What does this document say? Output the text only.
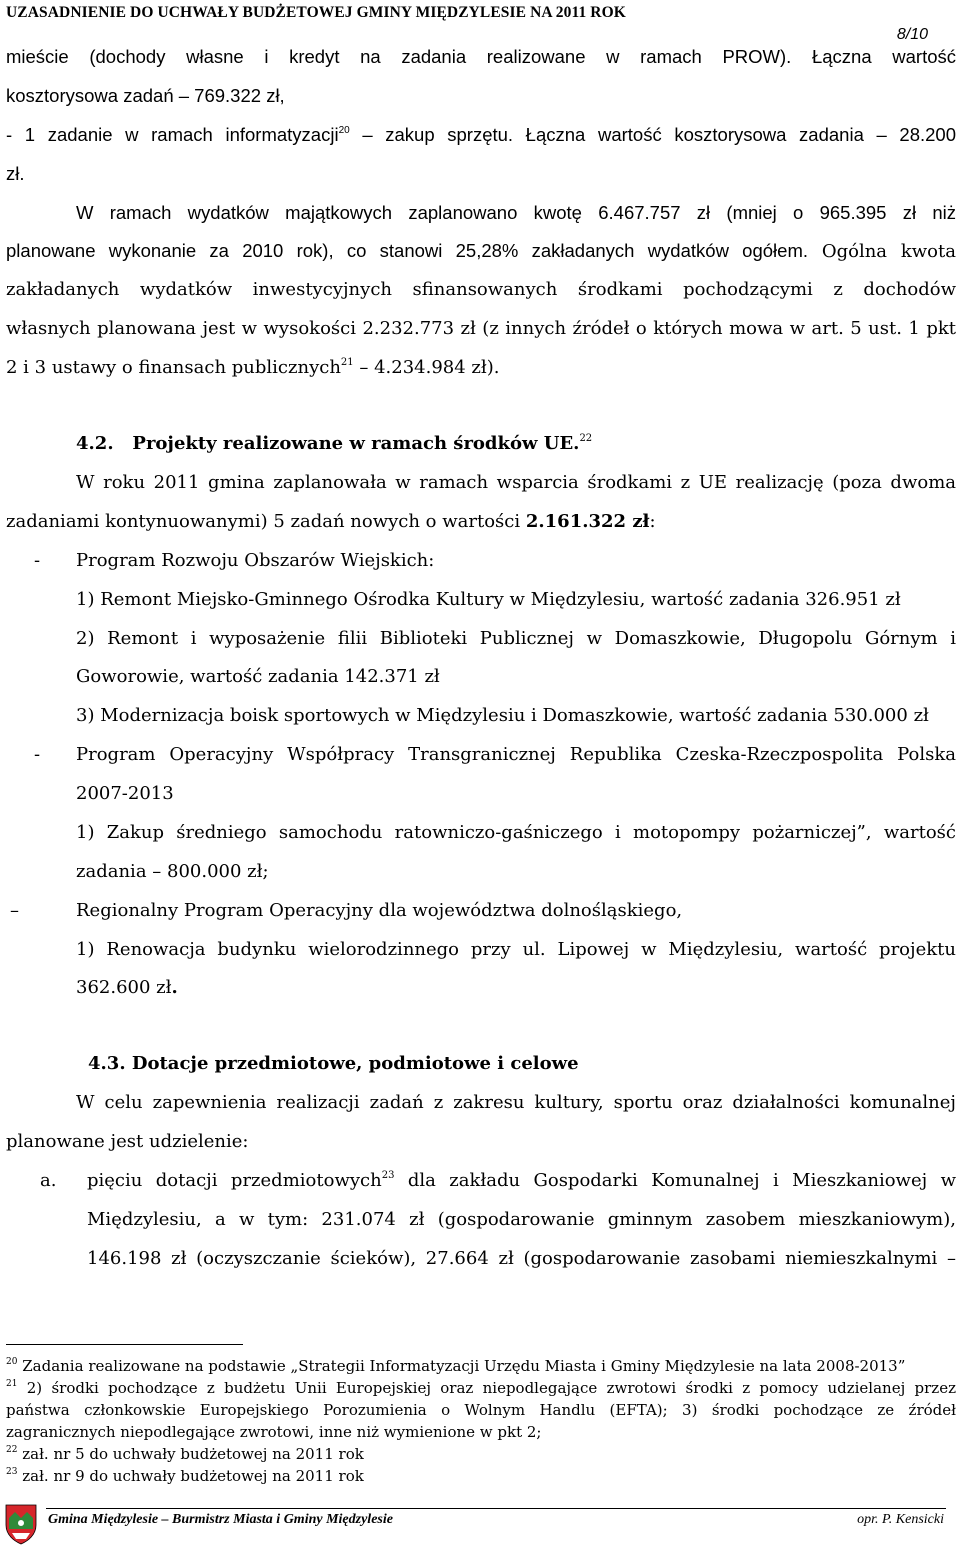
UZASADNIENIE DO UCHWAŁY BUDŻETOWEJ GMINY MIĘDZYLESIE NA 2011 ROK
8/10
mieście (dochody własne i kredyt na zadania realizowane w ramach PROW). Łączna wartość
kosztorysowa zadań – 769.322 zł,
- 1 zadanie w ramach informatyzacji$^{20}$ – zakup sprzętu. Łączna wartość kosztorysowa zadania – 28.200
zł.
W ramach wydatków majątkowych zaplanowano kwotę 6.467.757 zł (mniej o 965.395 zł niż
planowane wykonanie za 2010 rok), co stanowi 25,28% zakładanych wydatków ogółem. Ogólna kwota
zakładanych wydatków inwestycyjnych sfinansowanych środkami pochodzącymi z dochodów
własnych planowana jest w wysokości 2.232.773 zł (z innych źródeł o których mowa w art. 5 ust. 1 pkt
2 i 3 ustawy o finansach publicznych$^{21}$ – 4.234.984 zł).
4.2. Projekty realizowane w ramach środków UE.$^{22}$
W roku 2011 gmina zaplanowała w ramach wsparcia środkami z UE realizację (poza dwoma
zadaniami kontynuowanymi) 5 zadań nowych o wartości 2.161.322 zł:
-	Program Rozwoju Obszarów Wiejskich:
1) Remont Miejsko-Gminnego Ośrodka Kultury w Międzylesiu, wartość zadania 326.951 zł
2) Remont i wyposażenie filii Biblioteki Publicznej w Domaszkowie, Długopolu Górnym i
Goworowie, wartość zadania 142.371 zł
3) Modernizacja boisk sportowych w Międzylesiu i Domaszkowie, wartość zadania 530.000 zł
-	Program Operacyjny Współpracy Transgranicznej Republika Czeska-Rzeczpospolita Polska
2007-2013
1) Zakup średniego samochodu ratowniczo-gaśniczego i motopompy pożarniczej”, wartość
zadania – 800.000 zł;
–	Regionalny Program Operacyjny dla województwa dolnośląskiego,
1) Renowacja budynku wielorodzinnego przy ul. Lipowej w Międzylesiu, wartość projektu
362.600 zł.
4.3. Dotacje przedmiotowe, podmiotowe i celowe
W celu zapewnienia realizacji zadań z zakresu kultury, sportu oraz działalności komunalnej
planowane jest udzielenie:
a.	pięciu dotacji przedmiotowych$^{23}$ dla zakładu Gospodarki Komunalnej i Mieszkaniowej w
Międzylesiu, a w tym: 231.074 zł (gospodarowanie gminnym zasobem mieszkaniowym),
146.198 zł (oczyszczanie ścieków), 27.664 zł (gospodarowanie zasobami niemieszkalnymi –
$^{20}$ Zadania realizowane na podstawie „Strategii Informatyzacji Urzędu Miasta i Gminy Międzylesie na lata 2008-2013”
$^{21}$ 2) środki pochodzące z budżetu Unii Europejskiej oraz niepodlegające zwrotowi środki z pomocy udzielanej przez
państwa członkowskie Europejskiego Porozumienia o Wolnym Handlu (EFTA); 3) środki pochodzące ze źródeł
zagranicznych niepodlegające zwrotowi, inne niż wymienione w pkt 2;
$^{22}$ zał. nr 5 do uchwały budżetowej na 2011 rok
$^{23}$ zał. nr 9 do uchwały budżetowej na 2011 rok
Gmina Międzylesie – Burmistrz Miasta i Gminy Międzylesie	opr. P. Kensicki
